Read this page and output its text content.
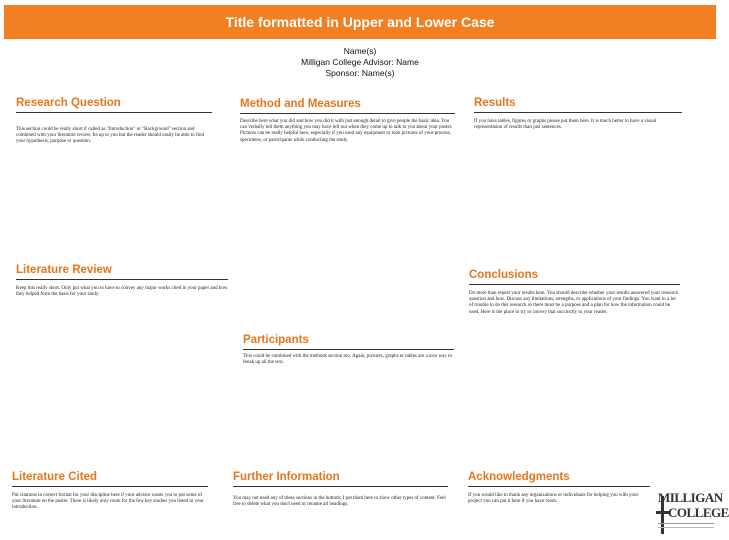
Title formatted in Upper and Lower Case
Name(s)
Milligan College Advisor: Name
Sponsor: Name(s)
Research Question
This section could be really short if called as "Introduction" or "Background" section and combined with your literature review. Its up to you but the reader should easily be able to find your hypothesis, purpose or question.
Method and Measures
Describe here what you did and how you did it with just enough detail to give people the basic idea. You can verbally tell them anything you may have left out when they come up to talk to you about your poster. Pictures can be really helpful here, especially if you used any equipment or took pictures of your process, specimens, or participants while conducting the study.
Results
If you have tables, figures or graphs please put them here. It is much better to have a visual representation of results than just sentences.
Literature Review
Keep this really short. Only put what you to have to convey any major works cited in your paper and how they helped form the basis for your study.
Conclusions
Do more than repeat your results here. You should describe whether your results answered your research question and how. Discuss any limitations, strengths, or applications of your findings. You want to a lot of trouble to do this research so there must be a purpose and a plan for how the information could be used. Here is the place to try to convey that succinctly to your reader.
Participants
This could be combined with the methods section too. Again, pictures, graphs or tables are a nice way to break up all the text.
Literature Cited
Put citations in correct format for your discipline here if your advisor wants you to put some of your literature on the poster. There is likely only room for the few key studies you listed in your introduction.
Further Information
You may not need any of these sections in the bottom; I put them here to show other types of content. Feel free to delete what you don't need or rename all headings.
Acknowledgments
If you would like to thank any organizations or individuals for helping you with your project you can put it here if you have room.	MILLIGAN
COLLEGE
